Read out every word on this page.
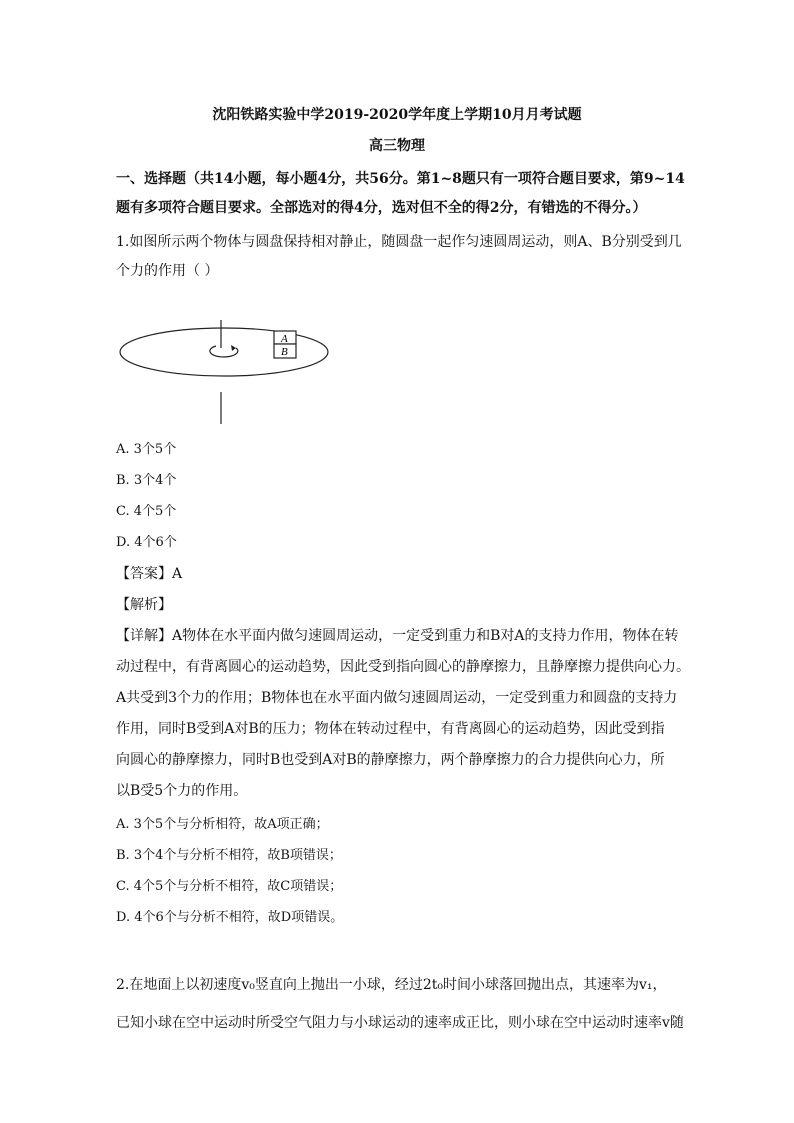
沈阳铁路实验中学2019-2020学年度上学期10月月考试题
高三物理
一、选择题（共14小题，每小题4分，共56分。第1~8题只有一项符合题目要求，第9~14
题有多项符合题目要求。全部选对的得4分，选对但不全的得2分，有错选的不得分。）
1.如图所示两个物体与圆盘保持相对静止，随圆盘一起作匀速圆周运动，则A、B分别受到几
个力的作用（ ）
A
B
A. 3个5个
B. 3个4个
C. 4个5个
D. 4个6个
【答案】A
【解析】
【详解】A物体在水平面内做匀速圆周运动，一定受到重力和B对A的支持力作用，物体在转
动过程中，有背离圆心的运动趋势，因此受到指向圆心的静摩擦力，且静摩擦力提供向心力。
A共受到3个力的作用；B物体也在水平面内做匀速圆周运动，一定受到重力和圆盘的支持力
作用，同时B受到A对B的压力；物体在转动过程中，有背离圆心的运动趋势，因此受到指
向圆心的静摩擦力，同时B也受到A对B的静摩擦力，两个静摩擦力的合力提供向心力，所
以B受5个力的作用。
A. 3个5个与分析相符，故A项正确；
B. 3个4个与分析不相符，故B项错误；
C. 4个5个与分析不相符，故C项错误；
D. 4个6个与分析不相符，故D项错误。
2.在地面上以初速度v₀竖直向上抛出一小球，经过2t₀时间小球落回抛出点，其速率为v₁，
已知小球在空中运动时所受空气阻力与小球运动的速率成正比，则小球在空中运动时速率v随
